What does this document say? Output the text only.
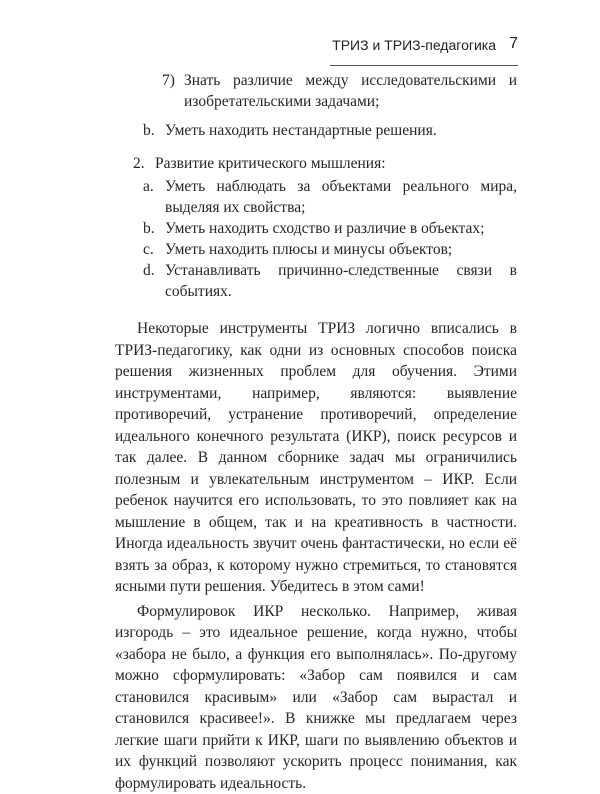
ТРИЗ и ТРИЗ-педагогика 7
7) Знать различие между исследовательскими и изобретательскими задачами;
b. Уметь находить нестандартные решения.
2. Развитие критического мышления:
a. Уметь наблюдать за объектами реального мира, выделяя их свойства;
b. Уметь находить сходство и различие в объектах;
c. Уметь находить плюсы и минусы объектов;
d. Устанавливать причинно-следственные связи в событиях.

Некоторые инструменты ТРИЗ логично вписались в ТРИЗ-педагогику, как одни из основных способов поиска решения жизненных проблем для обучения. Этими инструментами, например, являются: выявление противоречий, устранение противоречий, определение идеального конечного результата (ИКР), поиск ресурсов и так далее. В данном сборнике задач мы ограничились полезным и увлекательным инструментом – ИКР. Если ребенок научится его использовать, то это повлияет как на мышление в общем, так и на креативность в частности. Иногда идеальность звучит очень фантастически, но если её взять за образ, к которому нужно стремиться, то становятся ясными пути решения. Убедитесь в этом сами!

Формулировок ИКР несколько. Например, живая изгородь – это идеальное решение, когда нужно, чтобы «забора не было, а функция его выполнялась». По-другому можно сформулировать: «Забор сам появился и сам становился красивым» или «Забор сам вырастал и становился красивее!». В книжке мы предлагаем через легкие шаги прийти к ИКР, шаги по выявлению объектов и их функций позволяют ускорить процесс понимания, как формулировать идеальность.
